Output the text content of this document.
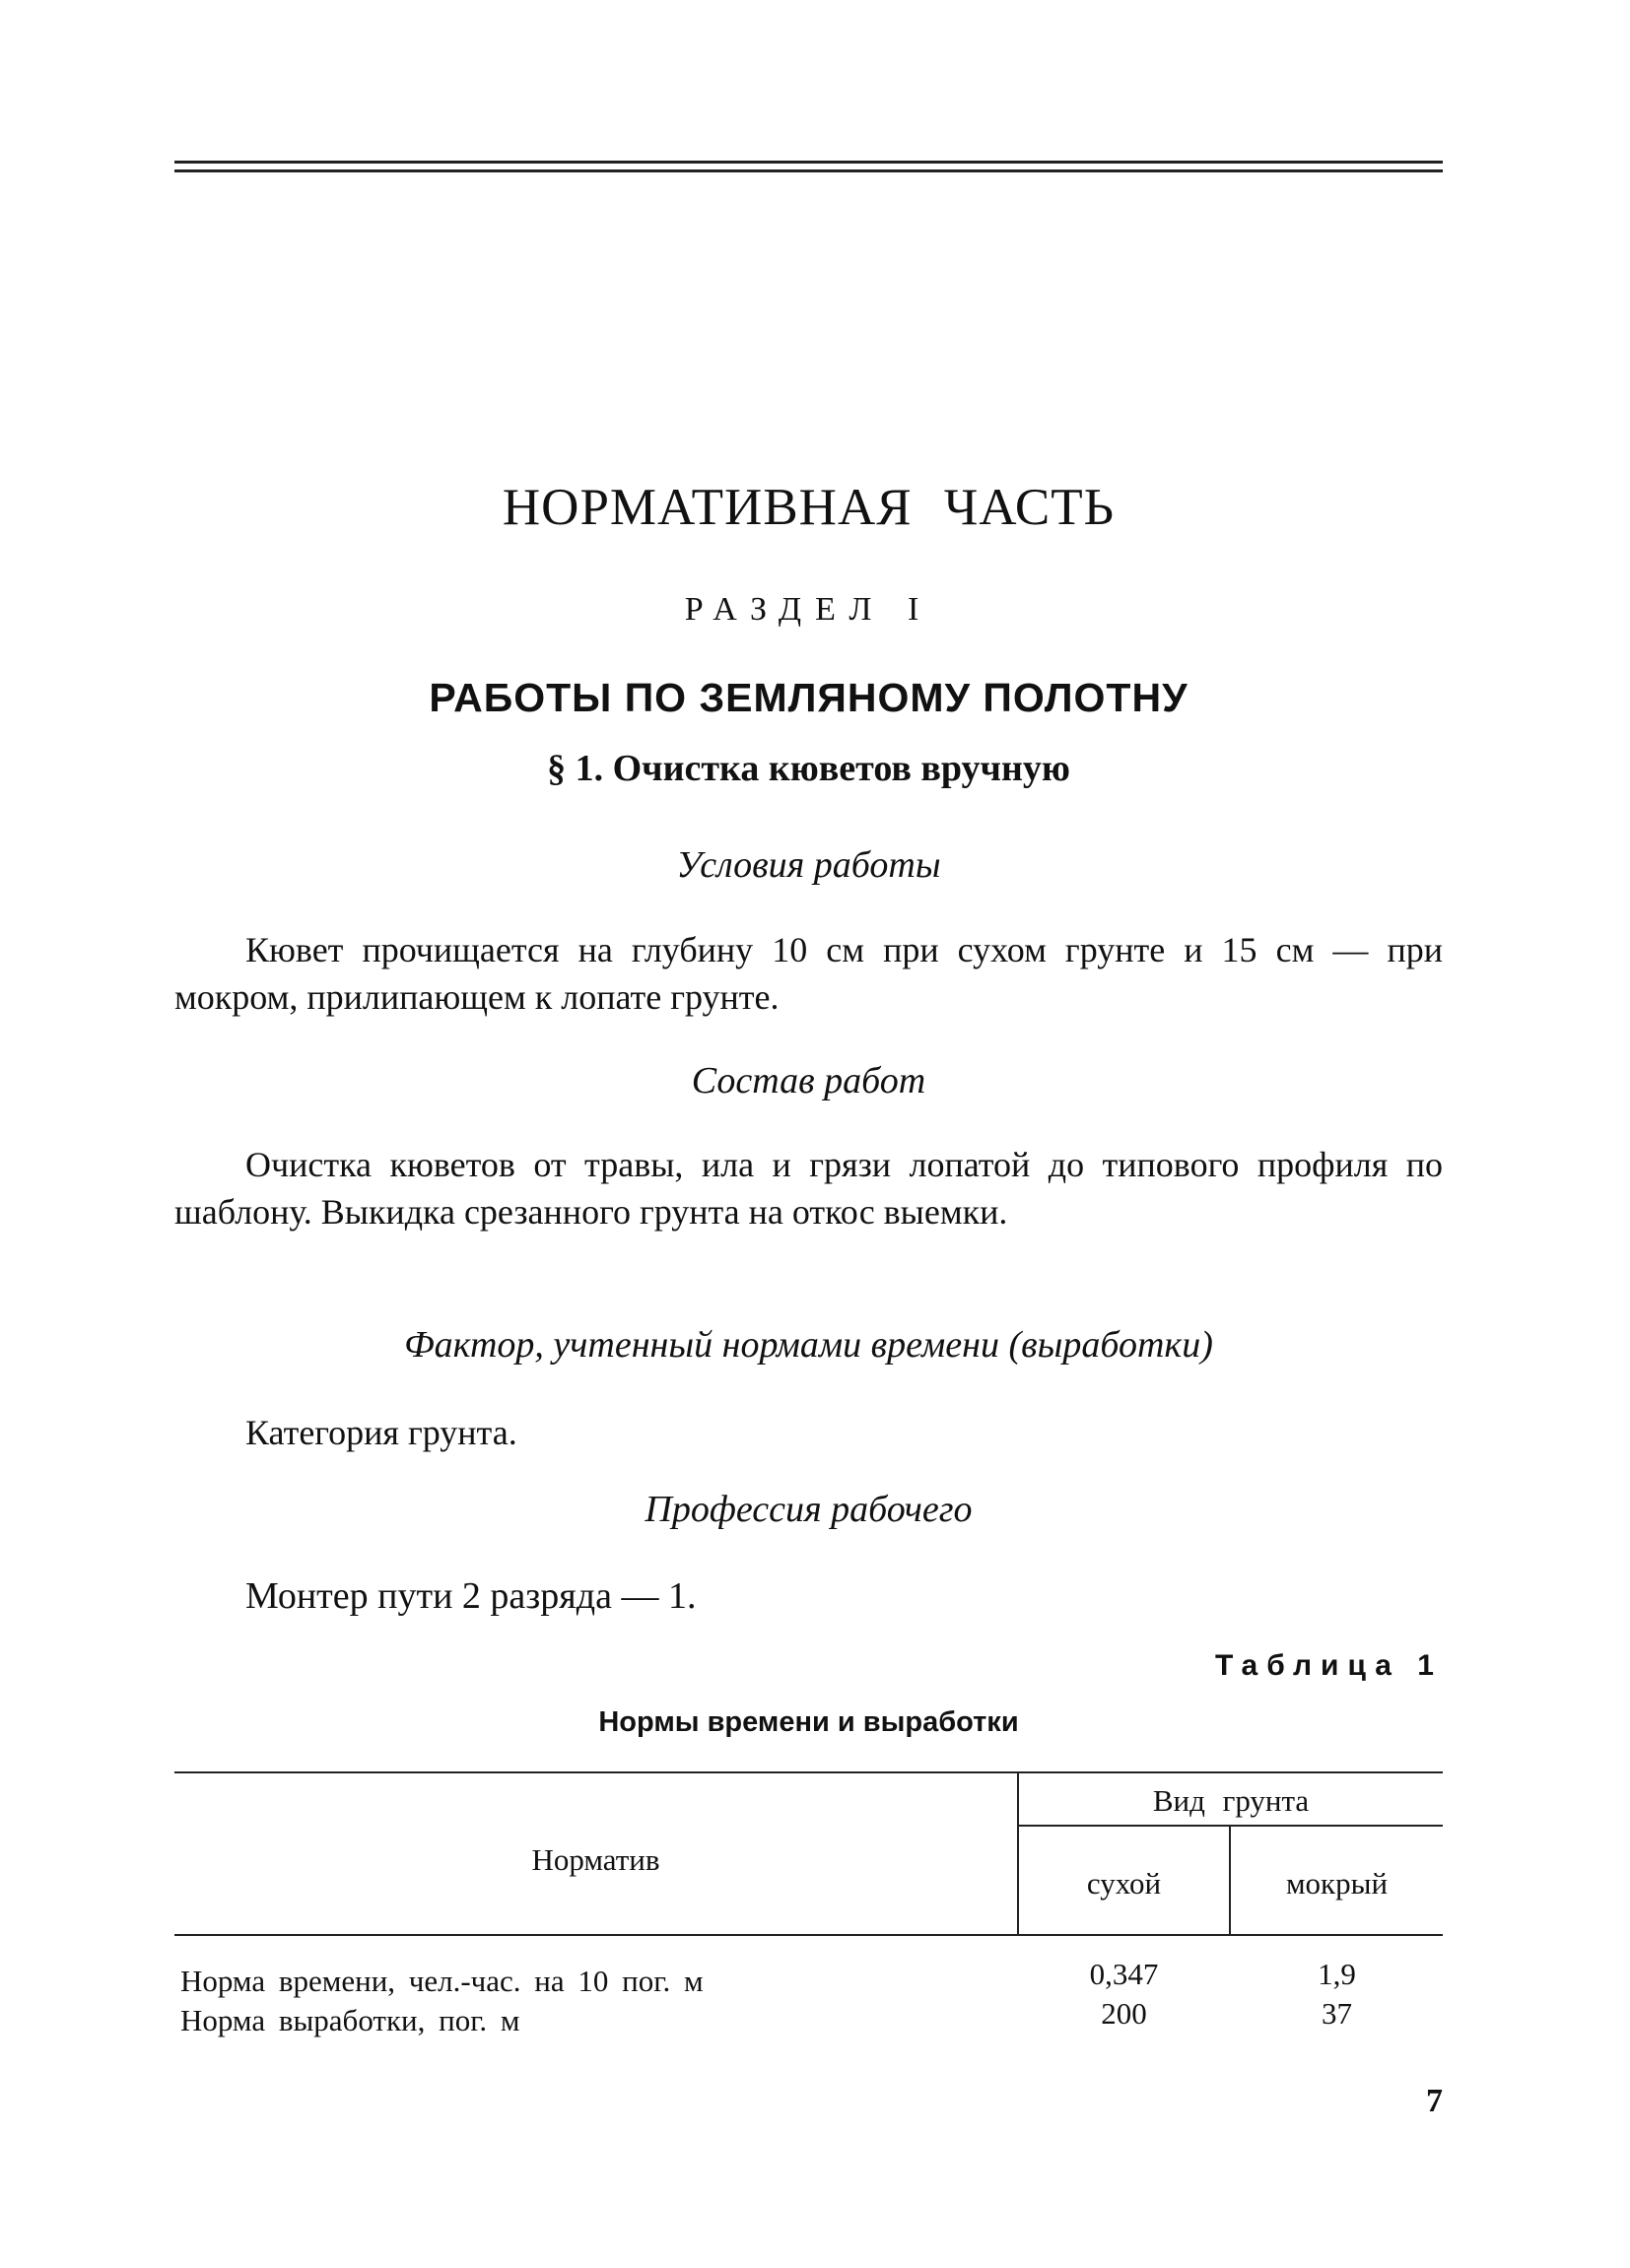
НОРМАТИВНАЯ ЧАСТЬ
РАЗДЕЛ I
РАБОТЫ ПО ЗЕМЛЯНОМУ ПОЛОТНУ
§ 1. Очистка кюветов вручную
Условия работы
Кювет прочищается на глубину 10 см при сухом грунте и 15 см — при мокром, прилипающем к лопате грунте.
Состав работ
Очистка кюветов от травы, ила и грязи лопатой до типового профиля по шаблону. Выкидка срезанного грунта на откос выемки.
Фактор, учтенный нормами времени (выработки)
Категория грунта.
Профессия рабочего
Монтер пути 2 разряда — 1.
Таблица 1
Нормы времени и выработки
Норматив
Вид грунта
сухой	мокрый
Норма времени, чел.-час. на 10 пог. м	0,347	1,9
Норма выработки, пог. м	200	37
7
